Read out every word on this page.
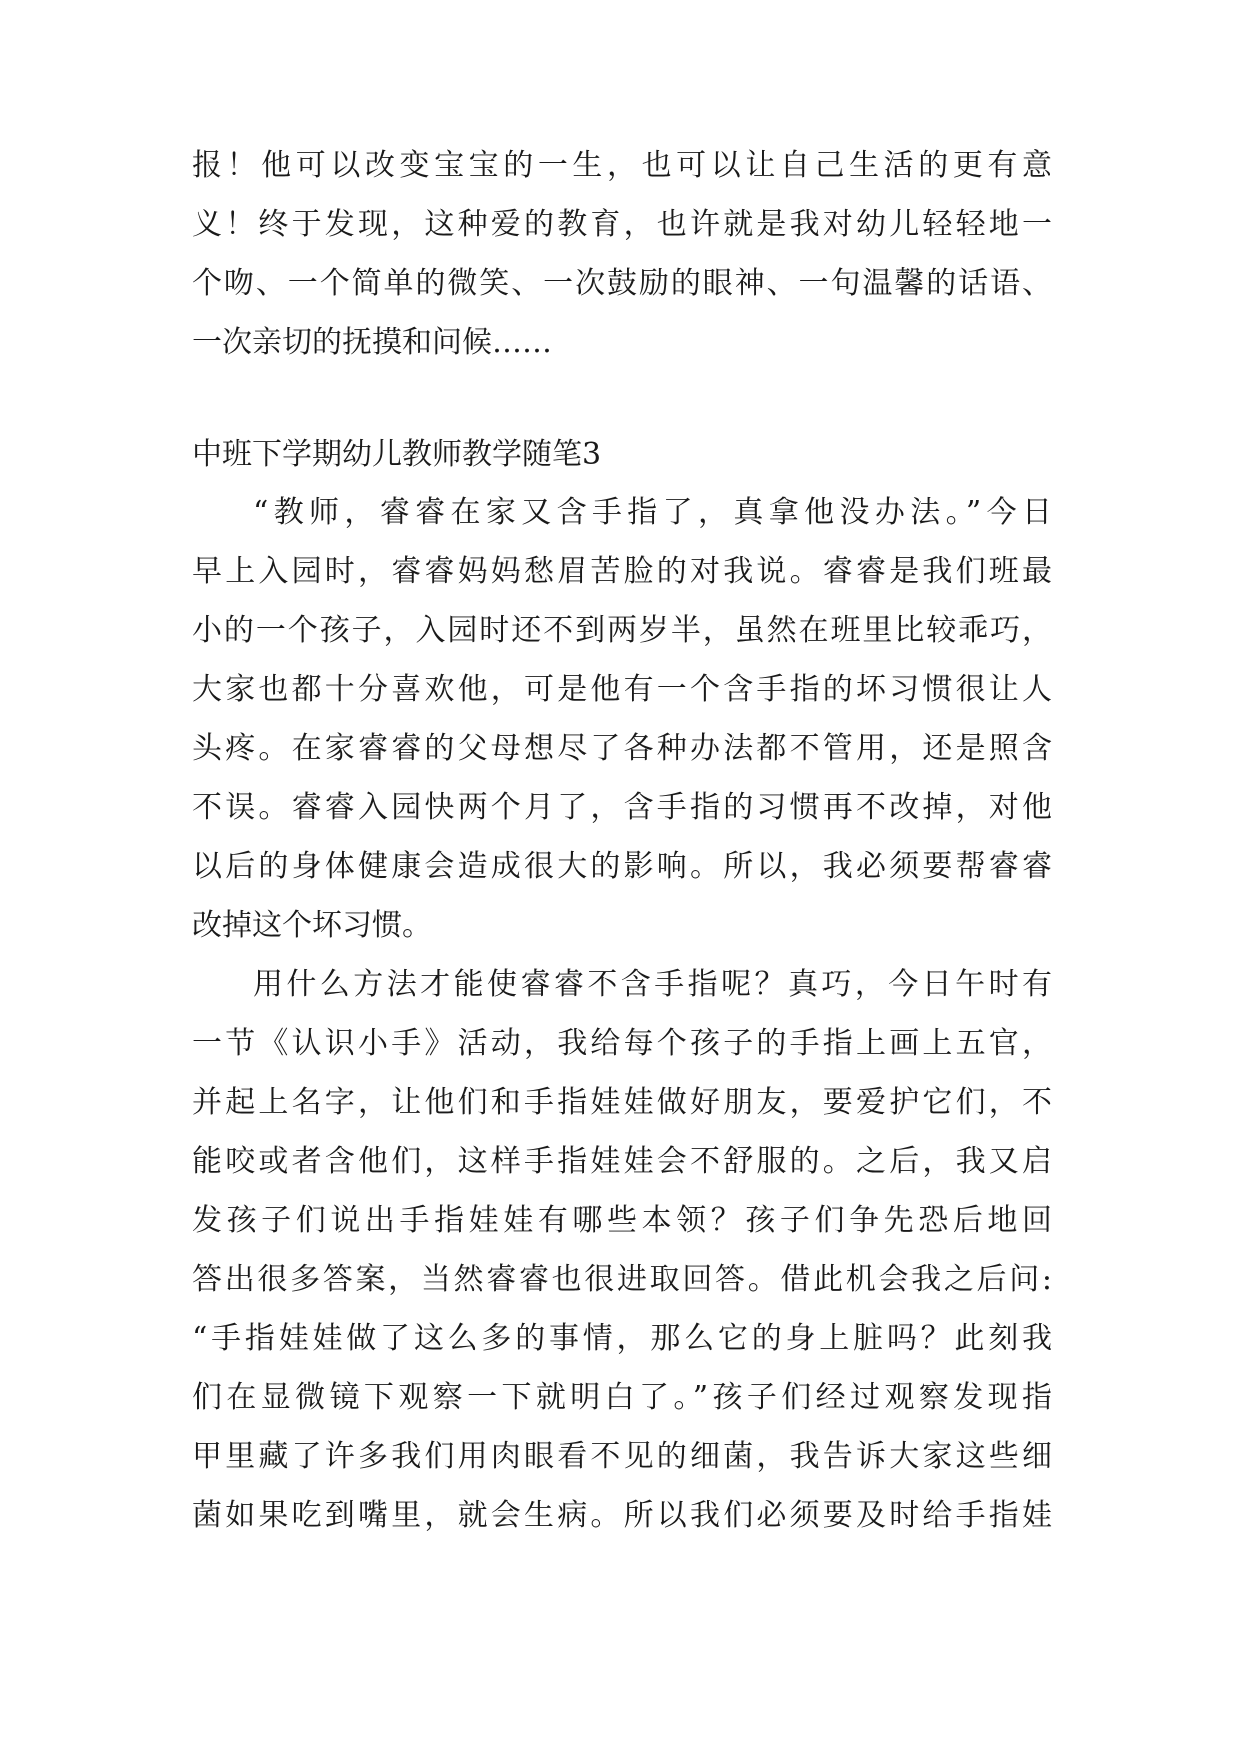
报！他可以改变宝宝的一生，也可以让自己生活的更有意
义！终于发现，这种爱的教育，也许就是我对幼儿轻轻地一
个吻、一个简单的微笑、一次鼓励的眼神、一句温馨的话语、
一次亲切的抚摸和问候……
中班下学期幼儿教师教学随笔3
“教师，睿睿在家又含手指了，真拿他没办法。”今日
早上入园时，睿睿妈妈愁眉苦脸的对我说。睿睿是我们班最
小的一个孩子，入园时还不到两岁半，虽然在班里比较乖巧，
大家也都十分喜欢他，可是他有一个含手指的坏习惯很让人
头疼。在家睿睿的父母想尽了各种办法都不管用，还是照含
不误。睿睿入园快两个月了，含手指的习惯再不改掉，对他
以后的身体健康会造成很大的影响。所以，我必须要帮睿睿
改掉这个坏习惯。
用什么方法才能使睿睿不含手指呢？真巧，今日午时有
一节《认识小手》活动，我给每个孩子的手指上画上五官，
并起上名字，让他们和手指娃娃做好朋友，要爱护它们，不
能咬或者含他们，这样手指娃娃会不舒服的。之后，我又启
发孩子们说出手指娃娃有哪些本领？孩子们争先恐后地回
答出很多答案，当然睿睿也很进取回答。借此机会我之后问:
“手指娃娃做了这么多的事情，那么它的身上脏吗？此刻我
们在显微镜下观察一下就明白了。”孩子们经过观察发现指
甲里藏了许多我们用肉眼看不见的细菌，我告诉大家这些细
菌如果吃到嘴里，就会生病。所以我们必须要及时给手指娃
